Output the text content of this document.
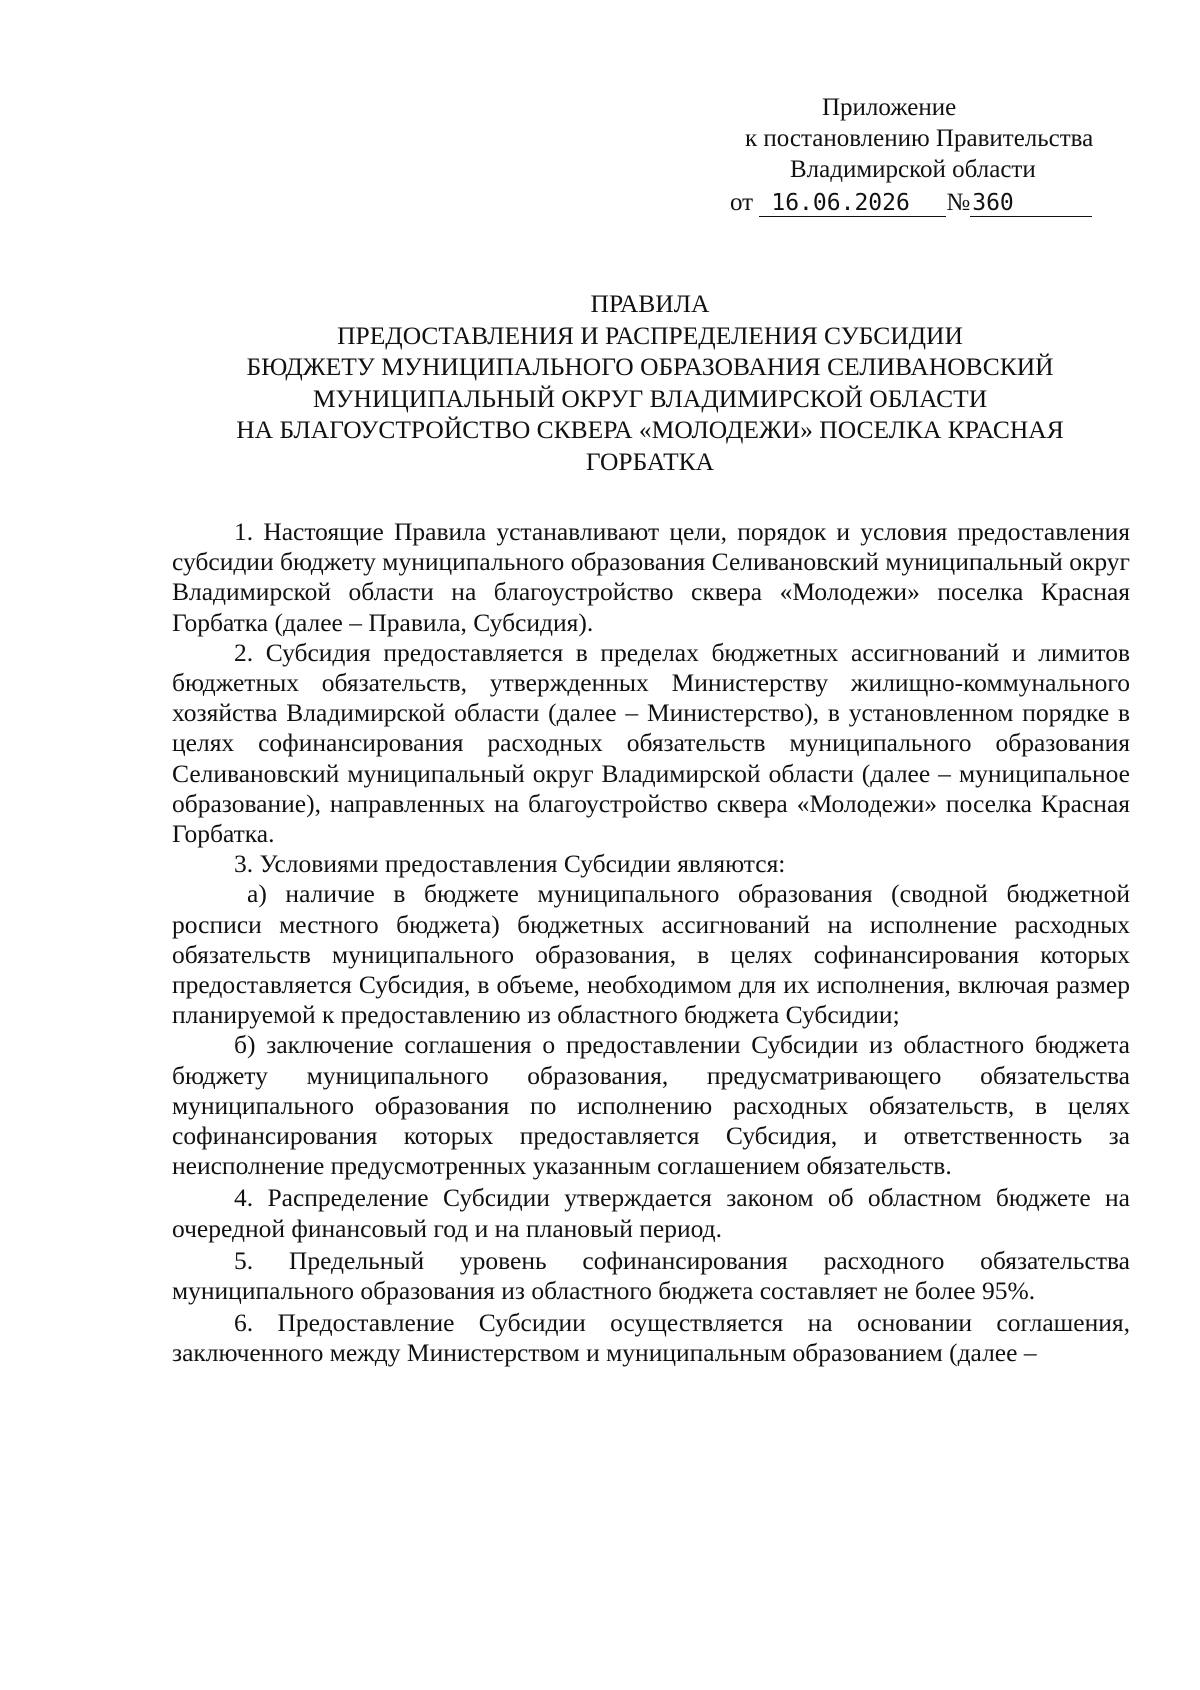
Приложение
к постановлению Правительства
Владимирской области
от 16.06.2026 №360
ПРАВИЛА
ПРЕДОСТАВЛЕНИЯ И РАСПРЕДЕЛЕНИЯ СУБСИДИИ
БЮДЖЕТУ МУНИЦИПАЛЬНОГО ОБРАЗОВАНИЯ СЕЛИВАНОВСКИЙ
МУНИЦИПАЛЬНЫЙ ОКРУГ ВЛАДИМИРСКОЙ ОБЛАСТИ
НА БЛАГОУСТРОЙСТВО СКВЕРА «МОЛОДЕЖИ» ПОСЕЛКА КРАСНАЯ
ГОРБАТКА

1. Настоящие Правила устанавливают цели, порядок и условия предоставления субсидии бюджету муниципального образования Селивановский муниципальный округ Владимирской области на благоустройство сквера «Молодежи» поселка Красная Горбатка (далее – Правила, Субсидия).

2. Субсидия предоставляется в пределах бюджетных ассигнований и лимитов бюджетных обязательств, утвержденных Министерству жилищно-коммунального хозяйства Владимирской области (далее – Министерство), в установленном порядке в целях софинансирования расходных обязательств муниципального образования Селивановский муниципальный округ Владимирской области (далее – муниципальное образование), направленных на благоустройство сквера «Молодежи» поселка Красная Горбатка.

3. Условиями предоставления Субсидии являются:

а) наличие в бюджете муниципального образования (сводной бюджетной росписи местного бюджета) бюджетных ассигнований на исполнение расходных обязательств муниципального образования, в целях софинансирования которых предоставляется Субсидия, в объеме, необходимом для их исполнения, включая размер планируемой к предоставлению из областного бюджета Субсидии;

б) заключение соглашения о предоставлении Субсидии из областного бюджета бюджету муниципального образования, предусматривающего обязательства муниципального образования по исполнению расходных обязательств, в целях софинансирования которых предоставляется Субсидия, и ответственность за неисполнение предусмотренных указанным соглашением обязательств.

4. Распределение Субсидии утверждается законом об областном бюджете на очередной финансовый год и на плановый период.

5. Предельный уровень софинансирования расходного обязательства муниципального образования из областного бюджета составляет не более 95%.

6. Предоставление Субсидии осуществляется на основании соглашения, заключенного между Министерством и муниципальным образованием (далее –
